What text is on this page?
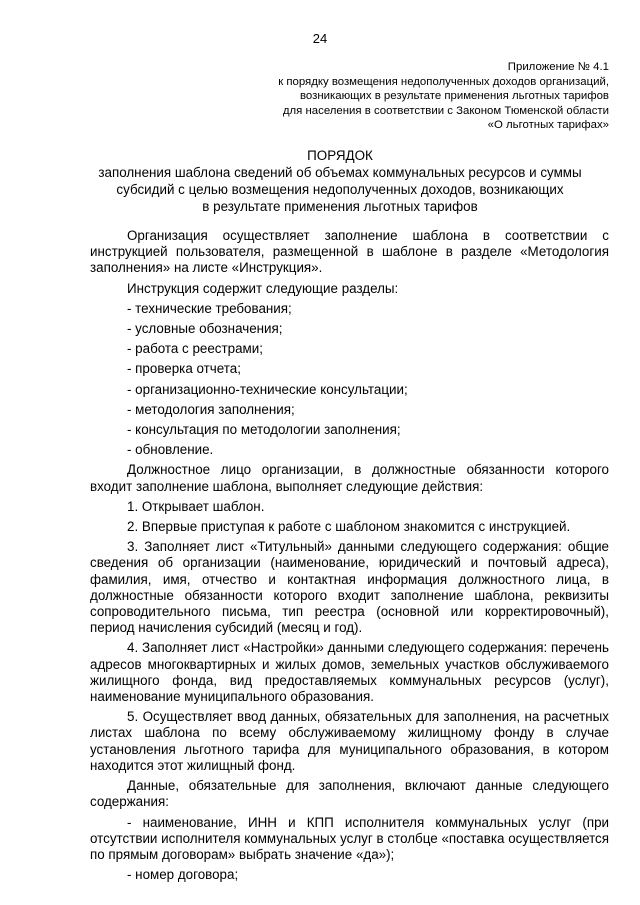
24
Приложение № 4.1
к порядку возмещения недополученных доходов организаций,
возникающих в результате применения льготных тарифов
для населения в соответствии с Законом Тюменской области
«О льготных тарифах»
ПОРЯДОК
заполнения шаблона сведений об объемах коммунальных ресурсов и суммы
субсидий с целью возмещения недополученных доходов, возникающих
в результате применения льготных тарифов

Организация осуществляет заполнение шаблона в соответствии с инструкцией пользователя, размещенной в шаблоне в разделе «Методология заполнения» на листе «Инструкция».

Инструкция содержит следующие разделы:

- технические требования;

- условные обозначения;

- работа с реестрами;

- проверка отчета;

- организационно-технические консультации;

- методология заполнения;

- консультация по методологии заполнения;

- обновление.

Должностное лицо организации, в должностные обязанности которого входит заполнение шаблона, выполняет следующие действия:

1. Открывает шаблон.

2. Впервые приступая к работе с шаблоном знакомится с инструкцией.

3. Заполняет лист «Титульный» данными следующего содержания: общие сведения об организации (наименование, юридический и почтовый адреса), фамилия, имя, отчество и контактная информация должностного лица, в должностные обязанности которого входит заполнение шаблона, реквизиты сопроводительного письма, тип реестра (основной или корректировочный), период начисления субсидий (месяц и год).

4. Заполняет лист «Настройки» данными следующего содержания: перечень адресов многоквартирных и жилых домов, земельных участков обслуживаемого жилищного фонда, вид предоставляемых коммунальных ресурсов (услуг), наименование муниципального образования.

5. Осуществляет ввод данных, обязательных для заполнения, на расчетных листах шаблона по всему обслуживаемому жилищному фонду в случае установления льготного тарифа для муниципального образования, в котором находится этот жилищный фонд.

Данные, обязательные для заполнения, включают данные следующего содержания:

- наименование, ИНН и КПП исполнителя коммунальных услуг (при отсутствии исполнителя коммунальных услуг в столбце «поставка осуществляется по прямым договорам» выбрать значение «да»);

- номер договора;
